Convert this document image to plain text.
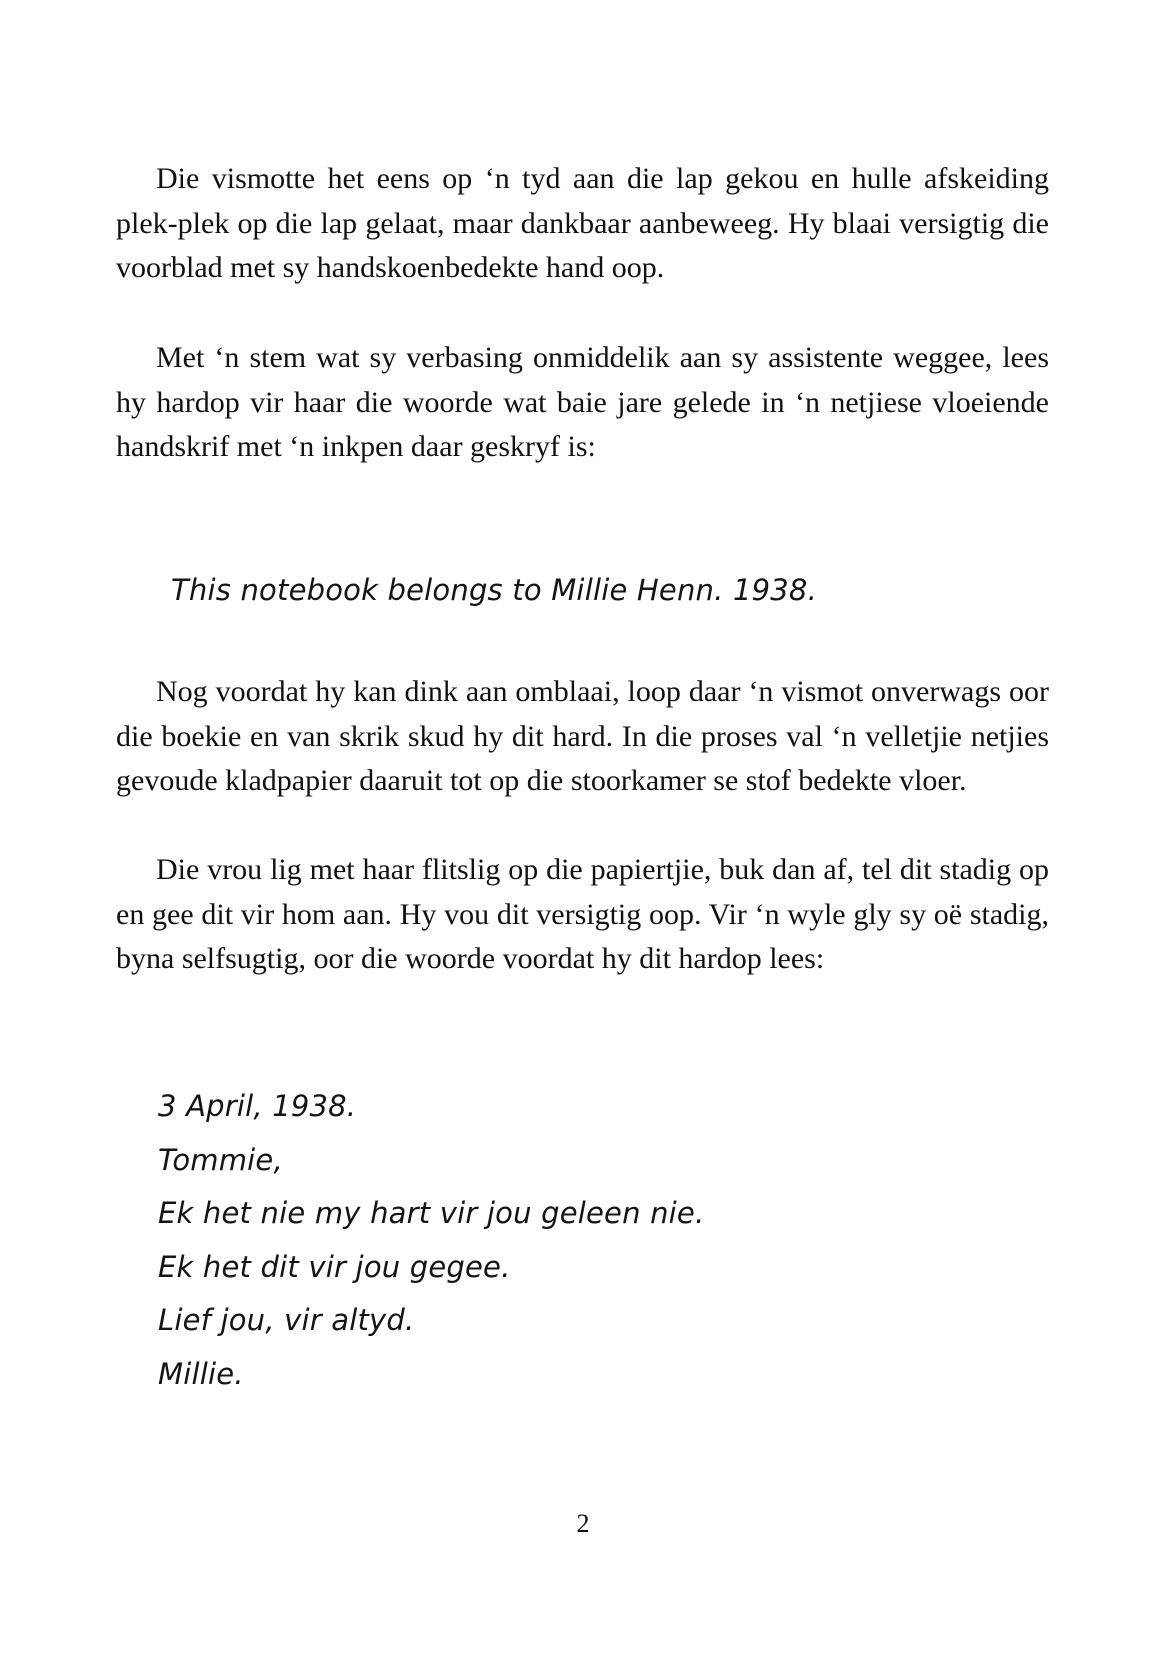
Die vismotte het eens op ‘n tyd aan die lap gekou en hulle afskeiding plek-plek op die lap gelaat, maar dankbaar aanbeweeg. Hy blaai versigtig die voorblad met sy handskoenbedekte hand oop.

Met ‘n stem wat sy verbasing onmiddelik aan sy assistente weggee, lees hy hardop vir haar die woorde wat baie jare gelede in ‘n netjiese vloeiende handskrif met ‘n inkpen daar geskryf is:

This notebook belongs to Millie Henn. 1938.

Nog voordat hy kan dink aan omblaai, loop daar ‘n vismot onverwags oor die boekie en van skrik skud hy dit hard. In die proses val ‘n velletjie netjies gevoude kladpapier daaruit tot op die stoorkamer se stof bedekte vloer.

Die vrou lig met haar flitslig op die papiertjie, buk dan af, tel dit stadig op en gee dit vir hom aan. Hy vou dit versigtig oop. Vir ‘n wyle gly sy oë stadig, byna selfsugtig, oor die woorde voordat hy dit hardop lees:

3 April, 1938.
Tommie,
Ek het nie my hart vir jou geleen nie.
Ek het dit vir jou gegee.
Lief jou, vir altyd.
Millie.
2
